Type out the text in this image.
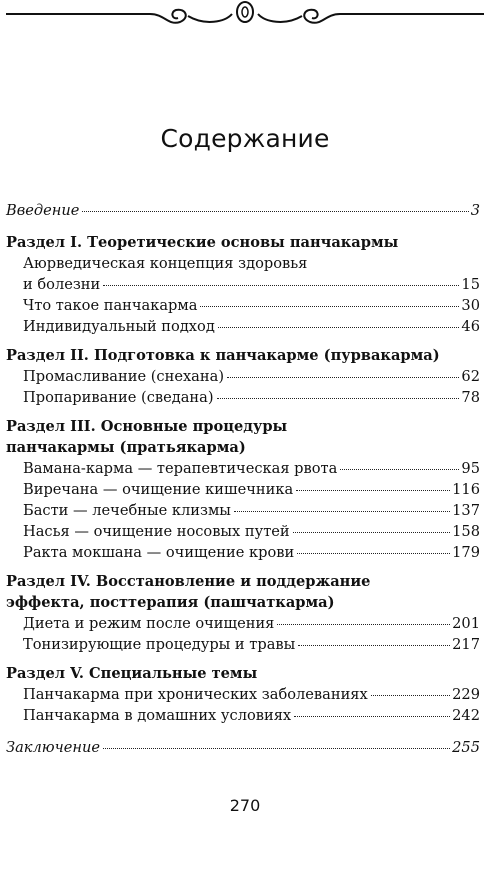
Содержание
Введение	3
Раздел I. Теоретические основы панчакармы
Аюрведическая концепция здоровья
и болезни	15
Что такое панчакарма	30
Индивидуальный подход	46
Раздел II. Подготовка к панчакарме (пурвакарма)
Промасливание (снехана)	62
Пропаривание (сведана)	78
Раздел III. Основные процедуры
панчакармы (пратьякарма)
Вамана-карма — терапевтическая рвота	95
Виречана — очищение кишечника	116
Басти — лечебные клизмы	137
Насья — очищение носовых путей	158
Ракта мокшана — очищение крови	179
Раздел IV. Восстановление и поддержание
эффекта, посттерапия (пашчаткарма)
Диета и режим после очищения	201
Тонизирующие процедуры и травы	217
Раздел V. Специальные темы
Панчакарма при хронических заболеваниях	229
Панчакарма в домашних условиях	242
Заключение	255
270
